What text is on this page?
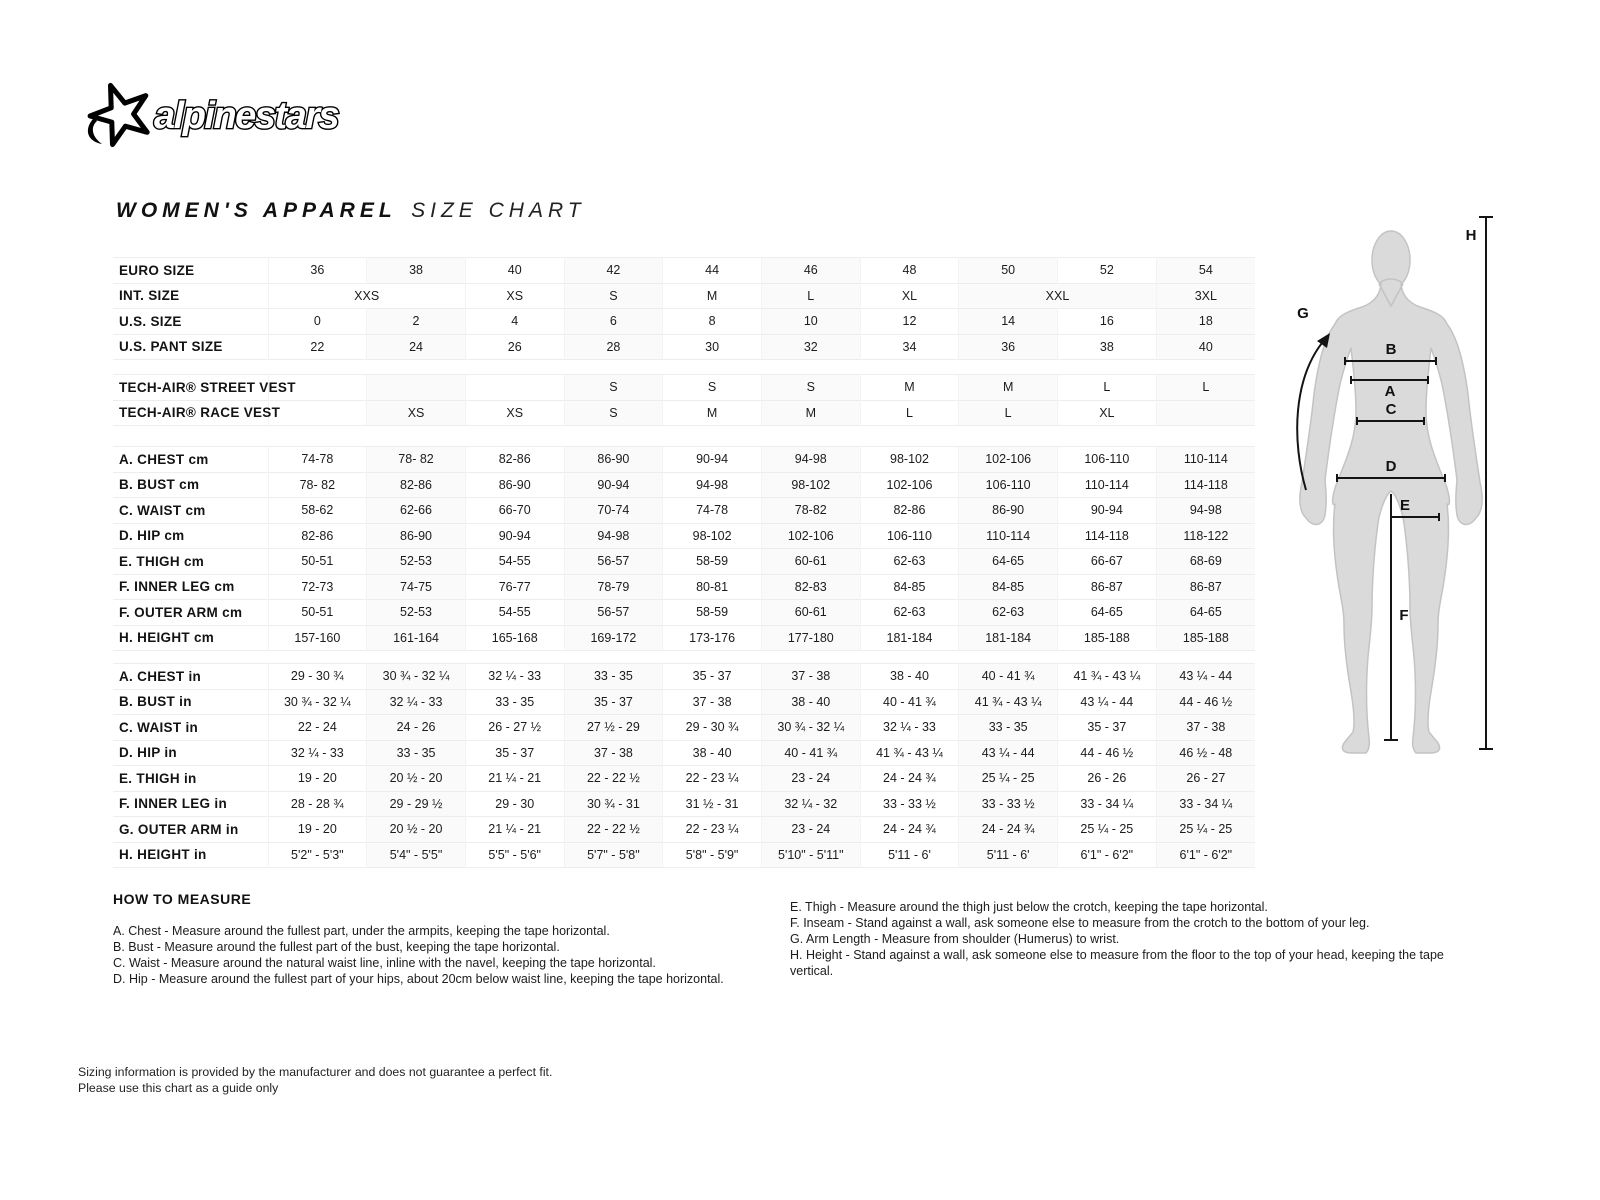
alpinestars
WOMEN'S APPAREL SIZE CHART
EURO SIZE	36	38	40	42	44	46	48	50	52	54
INT. SIZE	XXS		XS	S	M	L	XL	XXL		3XL
U.S. SIZE	0	2	4	6	8	10	12	14	16	18
U.S. PANT SIZE	22	24	26	28	30	32	34	36	38	40
TECH-AIR® STREET VEST				S	S	S	M	M	L	L
TECH-AIR® RACE VEST		XS	XS	S	M	M	L	L	XL	
A. CHEST cm	74-78	78- 82	82-86	86-90	90-94	94-98	98-102	102-106	106-110	110-114
B. BUST cm	78- 82	82-86	86-90	90-94	94-98	98-102	102-106	106-110	110-114	114-118
C. WAIST cm	58-62	62-66	66-70	70-74	74-78	78-82	82-86	86-90	90-94	94-98
D. HIP cm	82-86	86-90	90-94	94-98	98-102	102-106	106-110	110-114	114-118	118-122
E. THIGH cm	50-51	52-53	54-55	56-57	58-59	60-61	62-63	64-65	66-67	68-69
F. INNER LEG cm	72-73	74-75	76-77	78-79	80-81	82-83	84-85	84-85	86-87	86-87
F. OUTER ARM cm	50-51	52-53	54-55	56-57	58-59	60-61	62-63	62-63	64-65	64-65
H. HEIGHT cm	157-160	161-164	165-168	169-172	173-176	177-180	181-184	181-184	185-188	185-188
A. CHEST in	29 - 30 ¾	30 ¾ - 32 ¼	32 ¼ - 33	33 - 35	35 - 37	37 - 38	38 - 40	40 - 41 ¾	41 ¾ - 43 ¼	43 ¼ - 44
B. BUST in	30 ¾ - 32 ¼	32 ¼ - 33	33 - 35	35 - 37	37 - 38	38 - 40	40 - 41 ¾	41 ¾ - 43 ¼	43 ¼ - 44	44 - 46 ½
C. WAIST in	22 - 24	24 - 26	26 - 27 ½	27 ½ - 29	29 - 30 ¾	30 ¾ - 32 ¼	32 ¼ - 33	33 - 35	35 - 37	37 - 38
D. HIP in	32 ¼ - 33	33 - 35	35 - 37	37 - 38	38 - 40	40 - 41 ¾	41 ¾ - 43 ¼	43 ¼ - 44	44 - 46 ½	46 ½ - 48
E. THIGH in	19 - 20	20 ½ - 20	21 ¼ - 21	22 - 22 ½	22 - 23 ¼	23 - 24	24 - 24 ¾	25 ¼ - 25	26 - 26	26 - 27
F. INNER LEG in	28 - 28 ¾	29 - 29 ½	29 - 30	30 ¾ - 31	31 ½ - 31	32 ¼ - 32	33 - 33 ½	33 - 33 ½	33 - 34 ¼	33 - 34 ¼
G. OUTER ARM in	19 - 20	20 ½ - 20	21 ¼ - 21	22 - 22 ½	22 - 23 ¼	23 - 24	24 - 24 ¾	24 - 24 ¾	25 ¼ - 25	25 ¼ - 25
H. HEIGHT in	5'2" - 5'3"	5'4" - 5'5"	5'5" - 5'6"	5'7" - 5'8"	5'8" - 5'9"	5'10" - 5'11"	5'11 - 6'	5'11 - 6'	6'1" - 6'2"	6'1" - 6'2"
A
B
C
D
E
F
G
H

HOW TO MEASURE

A. Chest - Measure around the fullest part, under the armpits, keeping the tape horizontal.

B. Bust - Measure around the fullest part of the bust, keeping the tape horizontal.

C. Waist - Measure around the natural waist line, inline with the navel, keeping the tape horizontal.

D. Hip - Measure around the fullest part of your hips, about 20cm below waist line, keeping the tape horizontal.

E. Thigh - Measure around the thigh just below the crotch, keeping the tape horizontal.

F. Inseam - Stand against a wall, ask someone else to measure from the crotch to the bottom of your leg.

G. Arm Length - Measure from shoulder (Humerus) to wrist.

H. Height - Stand against a wall, ask someone else to measure from the floor to the top of your head, keeping the tape vertical.

Sizing information is provided by the manufacturer and does not guarantee a perfect fit.
Please use this chart as a guide only
